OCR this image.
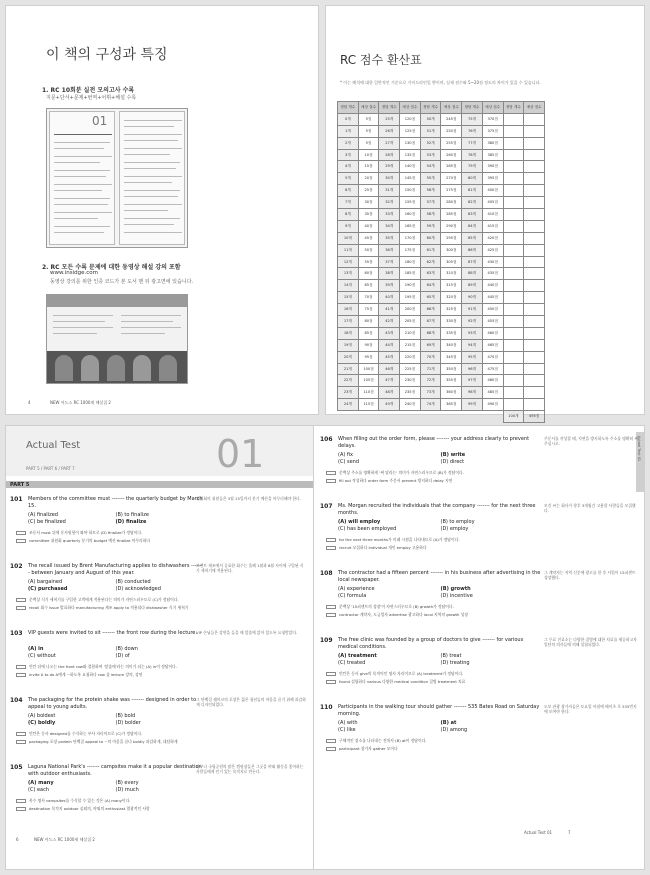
이 책의 구성과 특징
1. RC 10회분 실전 모의고사 수록
지문+단서+문제+번역+어휘+해설 수록
01
2. RC 모든 수록 문제에 대한 동영상 해설 강의 포함
www.insidge.com
동영상 강의를 위한 인증 코드가 본 도서 맨 뒤 광고면에 있습니다.
4	NEW 어드스 RC 1000제 해설집 2
RC 점수 환산표
* 이는 해석에 대한 일반적인 기준으로 가이드라인일 뿐이며, 실제 점수와 5~20점 정도의 차이가 있을 수 있습니다.
정답 개수	예상 점수	정답 개수	예상 점수	정답 개수	예상 점수	정답 개수	예상 점수	정답 개수	예상 점수
0개	5점	25개	120점	50개	245점	75개	370점		
1개	5점	26개	125점	51개	250점	76개	375점		
2개	5점	27개	130점	52개	255점	77개	380점		
3개	10점	28개	135점	53개	260점	78개	385점		
4개	15점	29개	140점	54개	265점	79개	390점		
5개	20점	30개	145점	55개	270점	80개	395점		
6개	25점	31개	150점	56개	275점	81개	400점		
7개	30점	32개	155점	57개	280점	82개	405점		
8개	35점	33개	160점	58개	285점	83개	410점		
9개	40점	34개	165점	59개	290점	84개	415점		
10개	45점	35개	170점	60개	295점	85개	420점		
11개	50점	36개	175점	61개	300점	86개	425점		
12개	55점	37개	180점	62개	305점	87개	430점		
13개	60점	38개	185점	63개	310점	88개	435점		
14개	65점	39개	190점	64개	315점	89개	440점		
15개	70점	40개	195점	65개	320점	90개	445점		
16개	75점	41개	200점	66개	325점	91개	450점		
17개	80점	42개	205점	67개	330점	92개	455점		
18개	85점	43개	210점	68개	335점	93개	460점		
19개	90점	44개	215점	69개	340점	94개	465점		
20개	95점	45개	220점	70개	345점	95개	470점		
21개	100점	46개	225점	71개	350점	96개	475점		
22개	105점	47개	230점	72개	355점	97개	480점		
23개	110점	48개	235점	73개	360점	98개	485점		
24개	115점	49개	240점	74개	365점	99개	490점		
								100개	495점
Actual Test	01
PART 5 / PART 6 / PART 7
PART 5
101 Members of the committee must ------- the quarterly budget by March 15.
(A) finalized	(B) to finalize
(C) be finalized	(D) finalize
위원회의 위원들은 3월 15일까지 분기 예산을 마무리해야 한다.
조동사 must 뒤에 동사원형이 와야 하므로 (D) finalize가 정답이다.
committee 위원회 quarterly 분기의 budget 예산 finalize 마무리하다
102 The recall issued by Brent Manufacturing applies to dishwashers ------- between January and August of this year.
(A) bargained	(B) conducted
(C) purchased	(D) acknowledged
브렌트 제조에서 공표한 회수는 올해 1월과 8월 사이에 구입된 식기 세척기에 적용된다.
문맥상 식기 세척기를 구입한 고객에게 적용된다는 의미가 자연스러우므로 (C)가 정답이다.
recall 회수 issue 발표하다 manufacturing 제조 apply to 적용되다 dishwasher 식기 세척기
103 VIP guests were invited to sit ------- the front row during the lecture.
(A) in	(B) down
(C) without	(D) of
VIP 손님들은 강연을 들을 때 앞줄에 앉아 있도록 요청받았다.
빈칸 뒤에 나오는 the front row와 결합하여 '앞줄에'라는 의미가 되는 (A) in이 정답이다.
invite A to do A에게 ~하도록 요청하다 row 줄 lecture 강의, 강연
104 The packaging for the protein shake was ------- designed in order to appeal to young adults.
(A) boldest	(B) bold
(C) boldly	(D) bolder
그 단백질 쉐이크의 포장은 젊은 청년들의 마음을 끌기 위해 과감하게 디자인되었다.
빈칸은 동사 designed를 수식하는 부사 자리이므로 (C)가 정답이다.
packaging 포장 protein 단백질 appeal to ~의 마음을 끌다 boldly 과감하게, 대담하게
105 Laguna National Park's ------- campsites make it a popular destination with outdoor enthusiasts.
(A) many	(B) every
(C) each	(D) much
라구나 국립공원의 많은 캠핑장들은 그곳을 야외 활동을 좋아하는 사람들에게 인기 있는 목적지로 만든다.
복수 명사 campsites를 수식할 수 있는 것은 (A) many이다.
destination 목적지 outdoor 실외의, 야외의 enthusiast 열광적인 사람
6	NEW 어드스 RC 1000제 해설집 2
Actual Test 01
106 When filling out the order form, please ------- your address clearly to prevent delays.
(A) fix	(B) write
(C) send	(D) direct
주문서를 작성할 때, 지연을 방지하도록 주소를 명확히 써 주십시오.
문맥상 주소를 명확하게 '써 달라는' 의미가 자연스러우므로 (B)가 정답이다.
fill out 작성하다 order form 주문서 prevent 방지하다 delay 지연
107 Ms. Morgan recruited the individuals that the company ------- for the next three months.
(A) will employ	(B) to employ
(C) has been employed	(D) employ
모건 씨는 회사가 향후 3개월간 고용할 사람들을 모집했다.
for the next three months가 미래 시점을 나타내므로 (A)가 정답이다.
recruit 모집하다 individual 개인 employ 고용하다
108 The contractor had a fifteen percent ------- in his business after advertising in the local newspaper.
(A) experience	(B) growth
(C) formula	(D) incentive
그 계약자는 지역 신문에 광고를 한 후 사업이 15퍼센트 성장했다.
문맥상 '15퍼센트의 성장'이 자연스러우므로 (B) growth가 정답이다.
contractor 계약자, 도급업자 advertise 광고하다 local 지역의 growth 성장
109 The free clinic was founded by a group of doctors to give ------- for various medical conditions.
(A) treatment	(B) treat
(C) treated	(D) treating
그 무료 진료소는 다양한 질병에 대한 치료를 제공하고자 일단의 의사들에 의해 설립되었다.
빈칸은 동사 give의 목적어인 명사 자리이므로 (A) treatment가 정답이다.
found 설립하다 various 다양한 medical condition 질병 treatment 치료
110 Participants in the walking tour should gather ------- 535 Bates Road on Saturday morning.
(A) with	(B) at
(C) like	(D) among
도보 관광 참가자들은 토요일 아침에 베이츠 로 535번지에 모여야 한다.
구체적인 장소를 나타내는 전치사 (B) at이 정답이다.
participant 참가자 gather 모이다
Actual Test 01	7
